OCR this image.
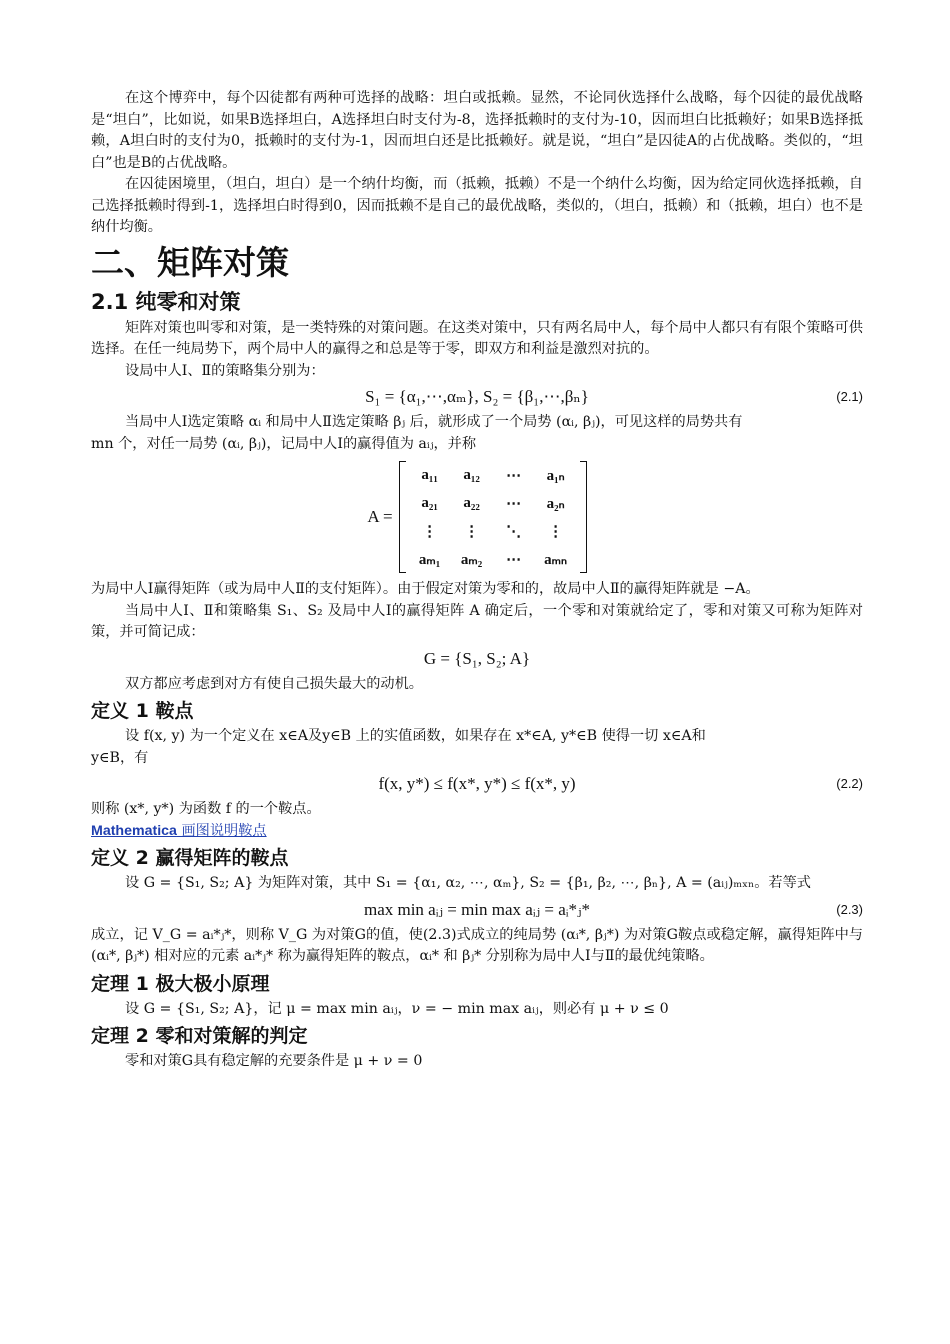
在这个博弈中，每个囚徒都有两种可选择的战略：坦白或抵赖。显然，不论同伙选择什么战略，每个囚徒的最优战略是“坦白”，比如说，如果B选择坦白，A选择坦白时支付为-8，选择抵赖时的支付为-10，因而坦白比抵赖好；如果B选择抵赖，A坦白时的支付为0，抵赖时的支付为-1，因而坦白还是比抵赖好。就是说，“坦白”是囚徒A的占优战略。类似的，“坦白”也是B的占优战略。

在囚徒困境里，（坦白，坦白）是一个纳什均衡，而（抵赖，抵赖）不是一个纳什么均衡，因为给定同伙选择抵赖，自己选择抵赖时得到-1，选择坦白时得到0，因而抵赖不是自己的最优战略，类似的，（坦白，抵赖）和（抵赖，坦白）也不是纳什均衡。

二、矩阵对策
2.1 纯零和对策

矩阵对策也叫零和对策，是一类特殊的对策问题。在这类对策中，只有两名局中人，每个局中人都只有有限个策略可供选择。在任一纯局势下，两个局中人的赢得之和总是等于零，即双方和利益是激烈对抗的。

设局中人Ⅰ、Ⅱ的策略集分别为：

S₁ = {α₁,⋯,αₘ}, S₂ = {β₁,⋯,βₙ}	(2.1)

当局中人Ⅰ选定策略 αᵢ 和局中人Ⅱ选定策略 βⱼ 后，就形成了一个局势 (αᵢ, βⱼ)，可见这样的局势共有

mn 个，对任一局势 (αᵢ, βⱼ)，记局中人Ⅰ的赢得值为 aᵢⱼ，并称

A =
a₁₁ a₁₂ ⋯ a₁ₙ
a₂₁ a₂₂ ⋯ a₂ₙ
⋮ ⋮ ⋱ ⋮
aₘ₁ aₘ₂ ⋯ aₘₙ

为局中人Ⅰ赢得矩阵（或为局中人Ⅱ的支付矩阵）。由于假定对策为零和的，故局中人Ⅱ的赢得矩阵就是 −A。

当局中人Ⅰ、Ⅱ和策略集 S₁、S₂ 及局中人Ⅰ的赢得矩阵 A 确定后，一个零和对策就给定了，零和对策又可称为矩阵对策，并可简记成：

G = {S₁, S₂; A}

双方都应考虑到对方有使自己损失最大的动机。

定义 1 鞍点

设 f(x, y) 为一个定义在 x∈A及y∈B 上的实值函数，如果存在 x*∈A, y*∈B 使得一切 x∈A和

y∈B，有

f(x, y*) ≤ f(x*, y*) ≤ f(x*, y)	(2.2)

则称 (x*, y*) 为函数 f 的一个鞍点。

Mathematica 画图说明鞍点

定义 2 赢得矩阵的鞍点

设 G = {S₁, S₂; A} 为矩阵对策，其中 S₁ = {α₁, α₂, ⋯, αₘ}, S₂ = {β₁, β₂, ⋯, βₙ}, A = (aᵢⱼ)ₘₓₙ。若等式

max min aᵢⱼ = min max aᵢⱼ = aᵢ*ⱼ*	(2.3)

成立，记 V_G = aᵢ*ⱼ*，则称 V_G 为对策G的值，使(2.3)式成立的纯局势 (αᵢ*, βⱼ*) 为对策G鞍点或稳定解，赢得矩阵中与 (αᵢ*, βⱼ*) 相对应的元素 aᵢ*ⱼ* 称为赢得矩阵的鞍点，αᵢ* 和 βⱼ* 分别称为局中人Ⅰ与Ⅱ的最优纯策略。

定理 1 极大极小原理

设 G = {S₁, S₂; A}，记 μ = max min aᵢⱼ，ν = − min max aᵢⱼ，则必有 μ + ν ≤ 0

定理 2 零和对策解的判定

零和对策G具有稳定解的充要条件是 μ + ν = 0
